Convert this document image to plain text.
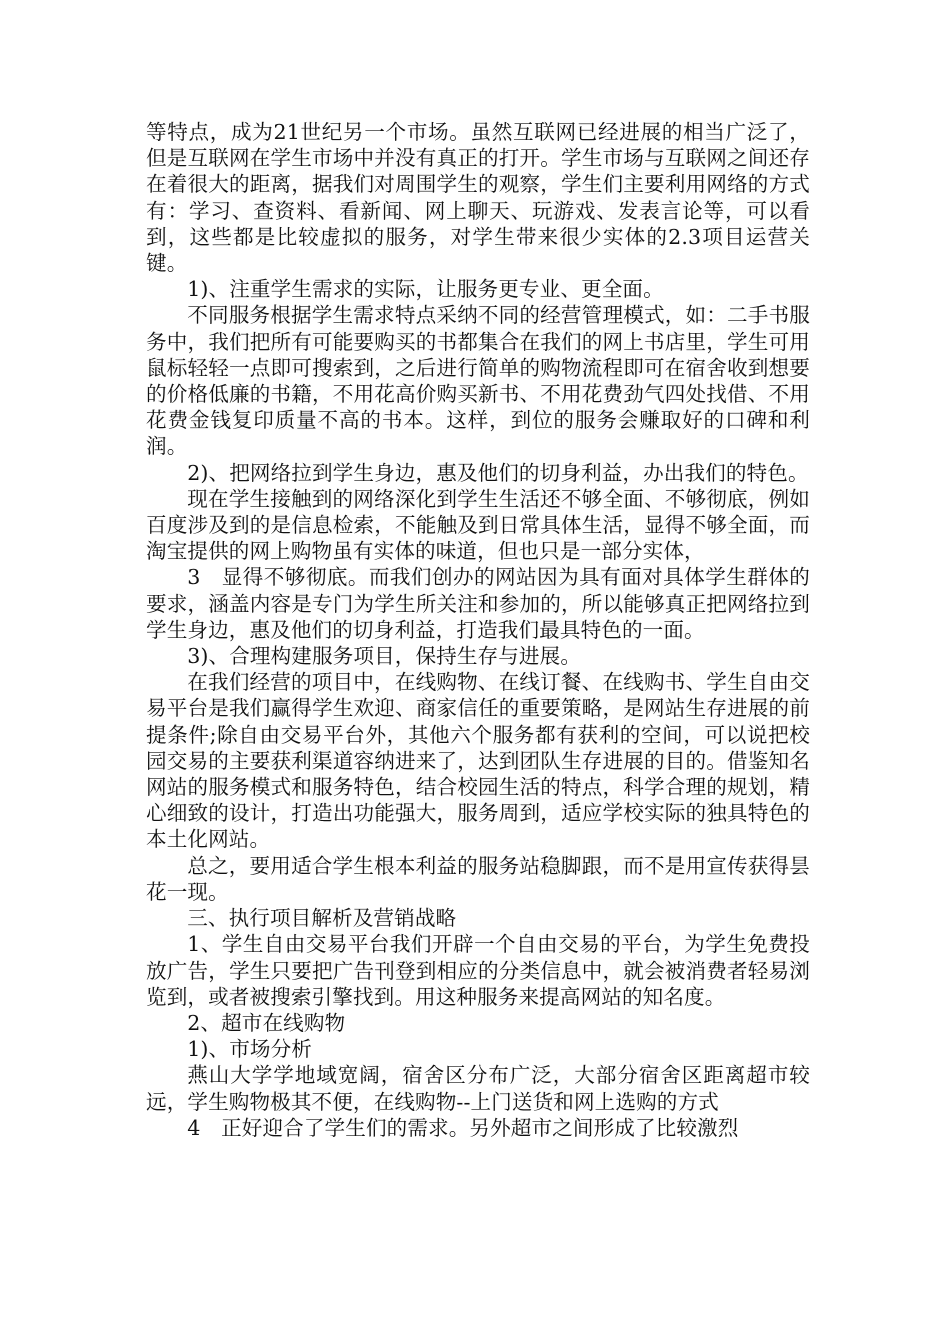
等特点，成为21世纪另一个市场。虽然互联网已经进展的相当广泛了，但是互联网在学生市场中并没有真正的打开。学生市场与互联网之间还存在着很大的距离，据我们对周围学生的观察，学生们主要利用网络的方式有：学习、查资料、看新闻、网上聊天、玩游戏、发表言论等，可以看到，这些都是比较虚拟的服务，对学生带来很少实体的2.3项目运营关键。

1)、注重学生需求的实际，让服务更专业、更全面。

不同服务根据学生需求特点采纳不同的经营管理模式，如：二手书服务中，我们把所有可能要购买的书都集合在我们的网上书店里，学生可用鼠标轻轻一点即可搜索到，之后进行简单的购物流程即可在宿舍收到想要的价格低廉的书籍，不用花高价购买新书、不用花费劲气四处找借、不用花费金钱复印质量不高的书本。这样，到位的服务会赚取好的口碑和利润。

2)、把网络拉到学生身边，惠及他们的切身利益，办出我们的特色。

现在学生接触到的网络深化到学生生活还不够全面、不够彻底，例如百度涉及到的是信息检索，不能触及到日常具体生活，显得不够全面，而淘宝提供的网上购物虽有实体的味道，但也只是一部分实体，

3　显得不够彻底。而我们创办的网站因为具有面对具体学生群体的要求，涵盖内容是专门为学生所关注和参加的，所以能够真正把网络拉到学生身边，惠及他们的切身利益，打造我们最具特色的一面。

3)、合理构建服务项目，保持生存与进展。

在我们经营的项目中，在线购物、在线订餐、在线购书、学生自由交易平台是我们赢得学生欢迎、商家信任的重要策略，是网站生存进展的前提条件;除自由交易平台外，其他六个服务都有获利的空间，可以说把校园交易的主要获利渠道容纳进来了，达到团队生存进展的目的。借鉴知名网站的服务模式和服务特色，结合校园生活的特点，科学合理的规划，精心细致的设计，打造出功能强大，服务周到，适应学校实际的独具特色的本土化网站。

总之，要用适合学生根本利益的服务站稳脚跟，而不是用宣传获得昙花一现。

三、执行项目解析及营销战略

1、学生自由交易平台我们开辟一个自由交易的平台，为学生免费投放广告，学生只要把广告刊登到相应的分类信息中，就会被消费者轻易浏览到，或者被搜索引擎找到。用这种服务来提高网站的知名度。

2、超市在线购物

1)、市场分析

燕山大学学地域宽阔，宿舍区分布广泛，大部分宿舍区距离超市较远，学生购物极其不便，在线购物--上门送货和网上选购的方式

4　正好迎合了学生们的需求。另外超市之间形成了比较激烈
